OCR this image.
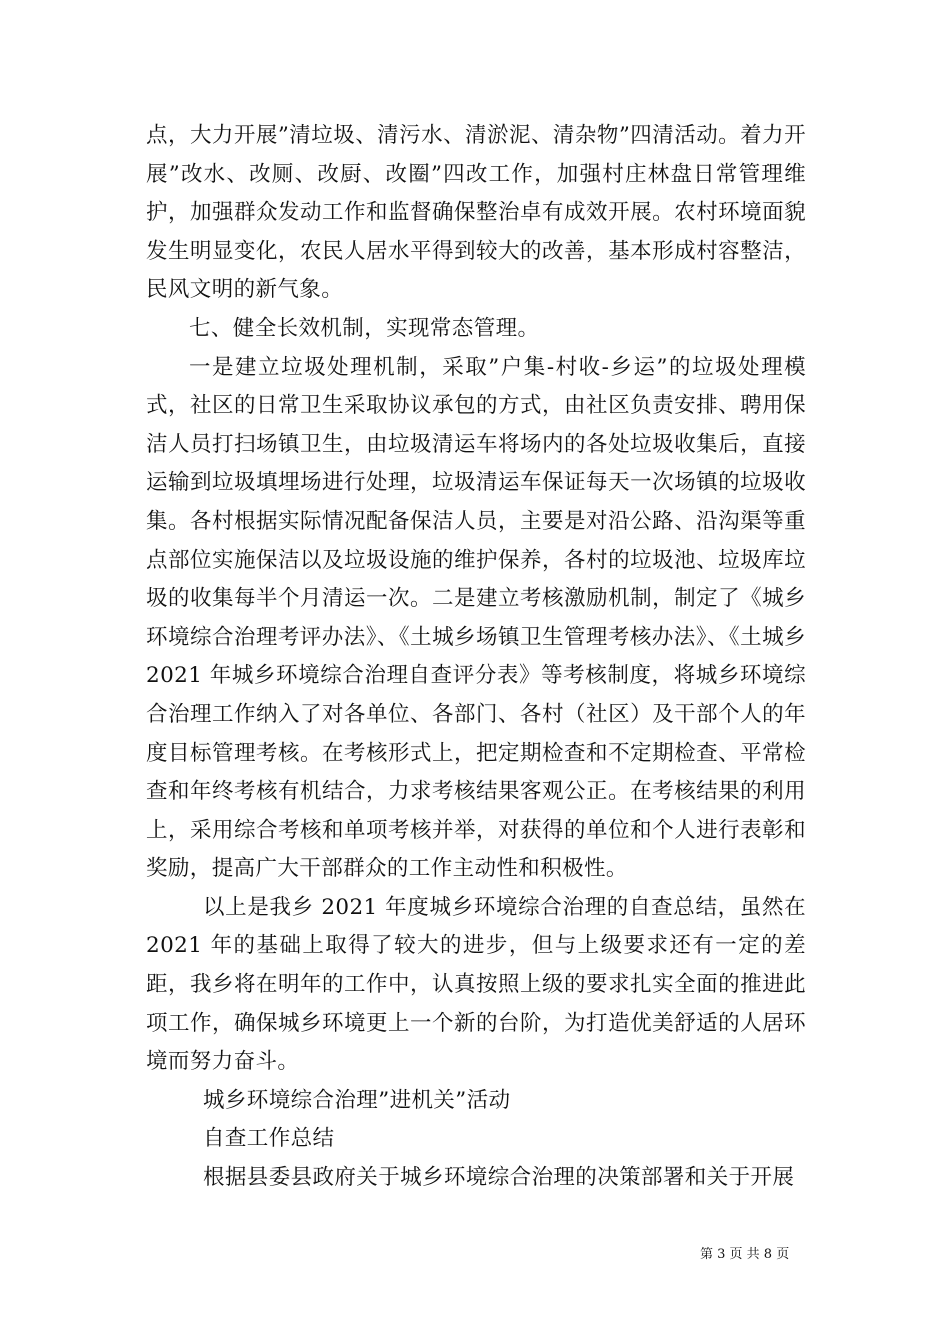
点，大力开展”清垃圾、清污水、清淤泥、清杂物”四清活动。着力开展”改水、改厕、改厨、改圈”四改工作，加强村庄林盘日常管理维护，加强群众发动工作和监督确保整治卓有成效开展。农村环境面貌发生明显变化，农民人居水平得到较大的改善，基本形成村容整洁，民风文明的新气象。

七、健全长效机制，实现常态管理。

一是建立垃圾处理机制，采取”户集-村收-乡运”的垃圾处理模式，社区的日常卫生采取协议承包的方式，由社区负责安排、聘用保洁人员打扫场镇卫生，由垃圾清运车将场内的各处垃圾收集后，直接运输到垃圾填埋场进行处理，垃圾清运车保证每天一次场镇的垃圾收集。各村根据实际情况配备保洁人员，主要是对沿公路、沿沟渠等重点部位实施保洁以及垃圾设施的维护保养，各村的垃圾池、垃圾库垃圾的收集每半个月清运一次。二是建立考核激励机制，制定了《城乡环境综合治理考评办法》、《土城乡场镇卫生管理考核办法》、《土城乡 2021 年城乡环境综合治理自查评分表》等考核制度，将城乡环境综合治理工作纳入了对各单位、各部门、各村（社区）及干部个人的年度目标管理考核。在考核形式上，把定期检查和不定期检查、平常检查和年终考核有机结合，力求考核结果客观公正。在考核结果的利用上，采用综合考核和单项考核并举，对获得的单位和个人进行表彰和奖励，提高广大干部群众的工作主动性和积极性。

以上是我乡 2021 年度城乡环境综合治理的自查总结，虽然在 2021 年的基础上取得了较大的进步，但与上级要求还有一定的差距，我乡将在明年的工作中，认真按照上级的要求扎实全面的推进此项工作，确保城乡环境更上一个新的台阶，为打造优美舒适的人居环境而努力奋斗。

城乡环境综合治理”进机关”活动

自查工作总结

根据县委县政府关于城乡环境综合治理的决策部署和关于开展

第 3 页 共 8 页
